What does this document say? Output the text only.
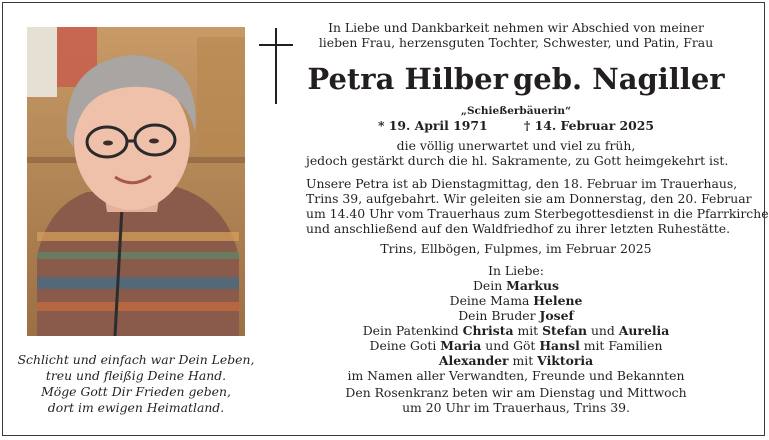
Schlicht und einfach war Dein Leben,
treu und fleißig Deine Hand.
Möge Gott Dir Frieden geben,
dort im ewigen Heimatland.
In Liebe und Dankbarkeit nehmen wir Abschied von meiner
lieben Frau, herzensguten Tochter, Schwester, und Patin, Frau
Petra Hilber geb. Nagiller
„Schießerbäuerin“
* 19. April 1971	† 14. Februar 2025
die völlig unerwartet und viel zu früh,
jedoch gestärkt durch die hl. Sakramente, zu Gott heimgekehrt ist.
Unsere Petra ist ab Dienstagmittag, den 18. Februar im Trauerhaus,
Trins 39, aufgebahrt. Wir geleiten sie am Donnerstag, den 20. Februar
um 14.40 Uhr vom Trauerhaus zum Sterbegottesdienst in die Pfarrkirche
und anschließend auf den Waldfriedhof zu ihrer letzten Ruhestätte.
Trins, Ellbögen, Fulpmes, im Februar 2025
In Liebe:
Dein Markus
Deine Mama Helene
Dein Bruder Josef
Dein Patenkind Christa mit Stefan und Aurelia
Deine Goti Maria und Göt Hansl mit Familien
Alexander mit Viktoria
im Namen aller Verwandten, Freunde und Bekannten
Den Rosenkranz beten wir am Dienstag und Mittwoch
um 20 Uhr im Trauerhaus, Trins 39.
